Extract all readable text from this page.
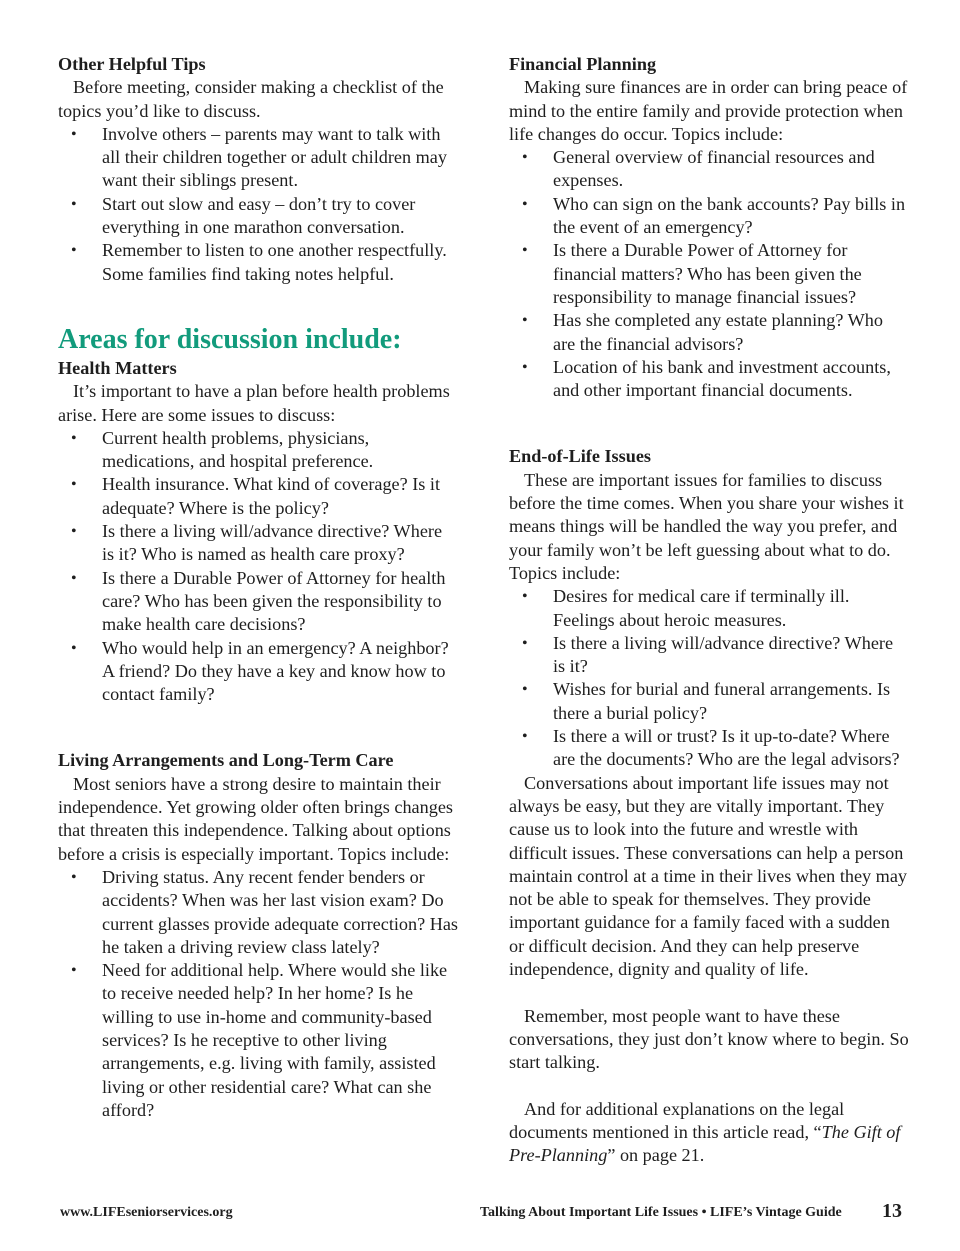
Other Helpful Tips

Before meeting, consider making a checklist of the topics you’d like to discuss.

• Involve others – parents may want to talk with all their children together or adult children may want their siblings present.
• Start out slow and easy – don’t try to cover everything in one marathon conversation.
• Remember to listen to one another respectfully. Some families find taking notes helpful.

Areas for discussion include:

Health Matters

It’s important to have a plan before health problems arise. Here are some issues to discuss:

• Current health problems, physicians, medications, and hospital preference.
• Health insurance. What kind of coverage? Is it adequate? Where is the policy?
• Is there a living will/advance directive? Where is it? Who is named as health care proxy?
• Is there a Durable Power of Attorney for health care? Who has been given the responsibility to make health care decisions?
• Who would help in an emergency? A neighbor? A friend? Do they have a key and know how to contact family?

Living Arrangements and Long-Term Care

Most seniors have a strong desire to maintain their independence. Yet growing older often brings changes that threaten this independence. Talking about options before a crisis is especially important. Topics include:

• Driving status. Any recent fender benders or accidents? When was her last vision exam? Do current glasses provide adequate correction? Has he taken a driving review class lately?
• Need for additional help. Where would she like to receive needed help? In her home? Is he willing to use in-home and community-based services? Is he receptive to other living arrangements, e.g. living with family, assisted living or other residential care? What can she afford?

Financial Planning

Making sure finances are in order can bring peace of mind to the entire family and provide protection when life changes do occur. Topics include:

• General overview of financial resources and expenses.
• Who can sign on the bank accounts? Pay bills in the event of an emergency?
• Is there a Durable Power of Attorney for financial matters? Who has been given the responsibility to manage financial issues?
• Has she completed any estate planning? Who are the financial advisors?
• Location of his bank and investment accounts, and other important financial documents.

End-of-Life Issues

These are important issues for families to discuss before the time comes. When you share your wishes it means things will be handled the way you prefer, and your family won’t be left guessing about what to do. Topics include:

• Desires for medical care if terminally ill. Feelings about heroic measures.
• Is there a living will/advance directive? Where is it?
• Wishes for burial and funeral arrangements. Is there a burial policy?
• Is there a will or trust? Is it up-to-date? Where are the documents? Who are the legal advisors?

Conversations about important life issues may not always be easy, but they are vitally important. They cause us to look into the future and wrestle with difficult issues. These conversations can help a person maintain control at a time in their lives when they may not be able to speak for themselves. They provide important guidance for a family faced with a sudden or difficult decision. And they can help preserve independence, dignity and quality of life.

Remember, most people want to have these conversations, they just don’t know where to begin. So start talking.

And for additional explanations on the legal documents mentioned in this article read, “The Gift of Pre-Planning” on page 21.

www.LIFEseniorservices.org	Talking About Important Life Issues • LIFE’s Vintage Guide 13
